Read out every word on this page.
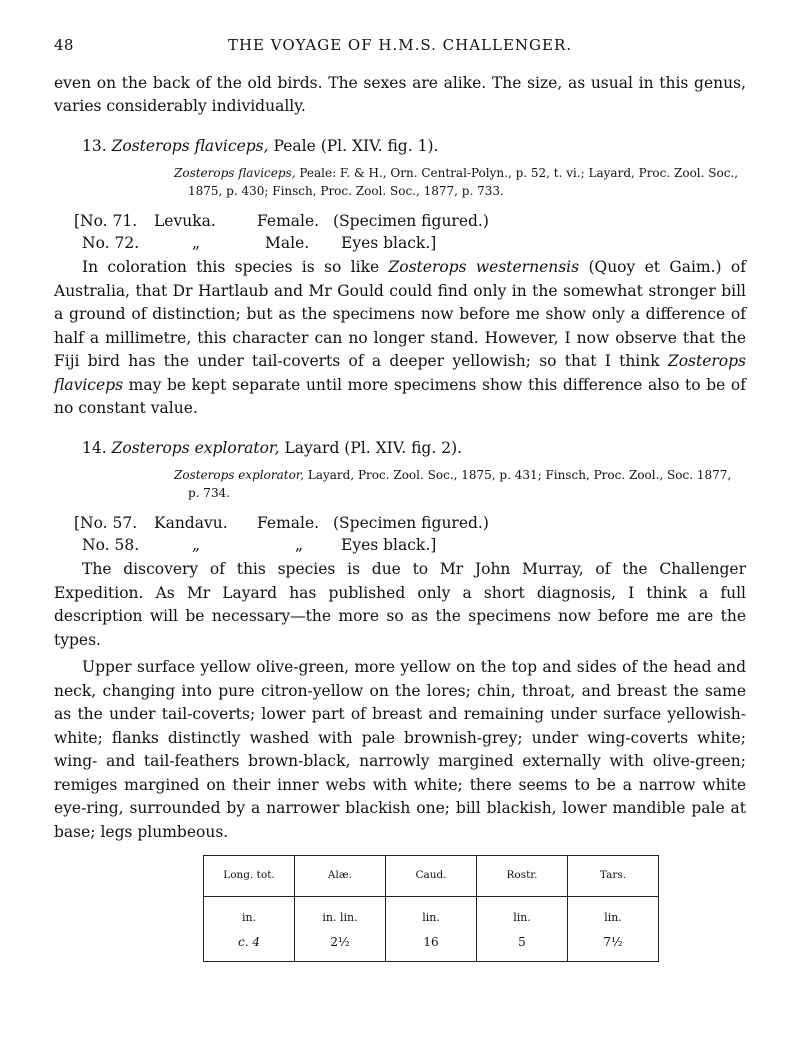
48	THE VOYAGE OF H.M.S. CHALLENGER.

even on the back of the old birds. The sexes are alike. The size, as usual in this genus, varies considerably individually.

13. Zosterops flaviceps, Peale (Pl. XIV. fig. 1).

Zosterops flaviceps, Peale: F. & H., Orn. Central-Polyn., p. 52, t. vi.; Layard, Proc. Zool. Soc., 1875, p. 430; Finsch, Proc. Zool. Soc., 1877, p. 733.

[No. 71.	Levuka.	Female. (Specimen figured.)
No. 72.	„	Male.	Eyes black.]

In coloration this species is so like Zosterops westernensis (Quoy et Gaim.) of Australia, that Dr Hartlaub and Mr Gould could find only in the somewhat stronger bill a ground of distinction; but as the specimens now before me show only a difference of half a millimetre, this character can no longer stand. However, I now observe that the Fiji bird has the under tail-coverts of a deeper yellowish; so that I think Zosterops flaviceps may be kept separate until more specimens show this difference also to be of no constant value.

14. Zosterops explorator, Layard (Pl. XIV. fig. 2).

Zosterops explorator, Layard, Proc. Zool. Soc., 1875, p. 431; Finsch, Proc. Zool., Soc. 1877, p. 734.

[No. 57.	Kandavu.	Female. (Specimen figured.)
No. 58.	„	„	Eyes black.]

The discovery of this species is due to Mr John Murray, of the Challenger Expedition. As Mr Layard has published only a short diagnosis, I think a full description will be necessary—the more so as the specimens now before me are the types.

Upper surface yellow olive-green, more yellow on the top and sides of the head and neck, changing into pure citron-yellow on the lores; chin, throat, and breast the same as the under tail-coverts; lower part of breast and remaining under surface yellowish-white; flanks distinctly washed with pale brownish-grey; under wing-coverts white; wing- and tail-feathers brown-black, narrowly margined externally with olive-green; remiges margined on their inner webs with white; there seems to be a narrow white eye-ring, surrounded by a narrower blackish one; bill blackish, lower mandible pale at base; legs plumbeous.

Long. tot.	Alæ.	Caud.	Rostr.	Tars.
in.	in. lin.	lin.	lin.	lin.
c. 4	2½	16	5	7½
